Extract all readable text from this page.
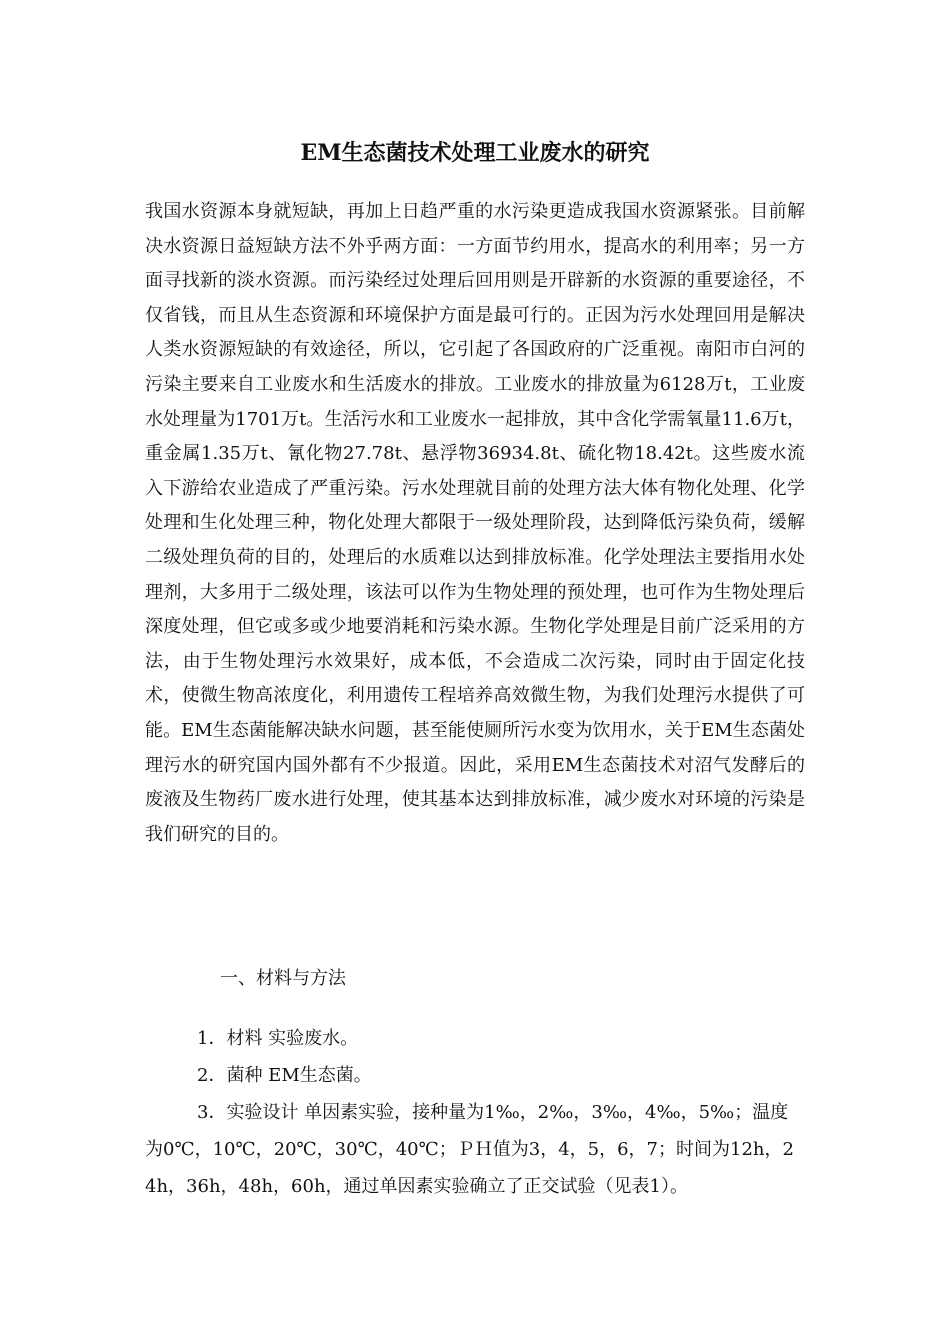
EM生态菌技术处理工业废水的研究
我国水资源本身就短缺，再加上日趋严重的水污染更造成我国水资源紧张。目前解决水资源日益短缺方法不外乎两方面：一方面节约用水，提高水的利用率；另一方面寻找新的淡水资源。而污染经过处理后回用则是开辟新的水资源的重要途径，不仅省钱，而且从生态资源和环境保护方面是最可行的。正因为污水处理回用是解决人类水资源短缺的有效途径，所以，它引起了各国政府的广泛重视。南阳市白河的污染主要来自工业废水和生活废水的排放。工业废水的排放量为6128万t，工业废水处理量为1701万t。生活污水和工业废水一起排放，其中含化学需氧量11.6万t，重金属1.35万t、氰化物27.78t、悬浮物36934.8t、硫化物18.42t。这些废水流入下游给农业造成了严重污染。污水处理就目前的处理方法大体有物化处理、化学处理和生化处理三种，物化处理大都限于一级处理阶段，达到降低污染负荷，缓解二级处理负荷的目的，处理后的水质难以达到排放标准。化学处理法主要指用水处理剂，大多用于二级处理，该法可以作为生物处理的预处理，也可作为生物处理后深度处理，但它或多或少地要消耗和污染水源。生物化学处理是目前广泛采用的方法，由于生物处理污水效果好，成本低，不会造成二次污染，同时由于固定化技术，使微生物高浓度化，利用遗传工程培养高效微生物，为我们处理污水提供了可能。EM生态菌能解决缺水问题，甚至能使厕所污水变为饮用水，关于EM生态菌处理污水的研究国内国外都有不少报道。因此，采用EM生态菌技术对沼气发酵后的废液及生物药厂废水进行处理，使其基本达到排放标准，减少废水对环境的污染是我们研究的目的。
一、材料与方法
1．材料 实验废水。
2．菌种 EM生态菌。
3．实验设计 单因素实验，接种量为1‰，2‰，3‰，4‰，5‰；温度为0℃，10℃，20℃，30℃，40℃；ＰＨ值为3，4，5，6，7；时间为12h，24h，36h，48h，60h，通过单因素实验确立了正交试验（见表1）。
